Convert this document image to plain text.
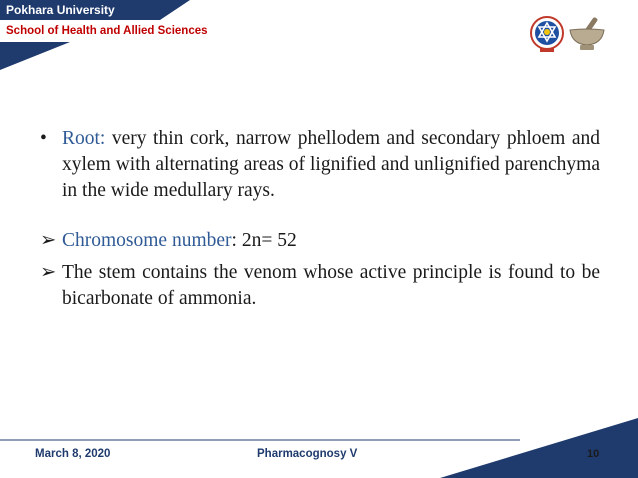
Pokhara University
School of Health and Allied Sciences
• Root: very thin cork, narrow phellodem and secondary phloem and xylem with alternating areas of lignified and unlignified parenchyma in the wide medullary rays.
➢ Chromosome number: 2n= 52
➢ The stem contains the venom whose active principle is found to be bicarbonate of ammonia.
March 8, 2020	Pharmacognosy V	10
